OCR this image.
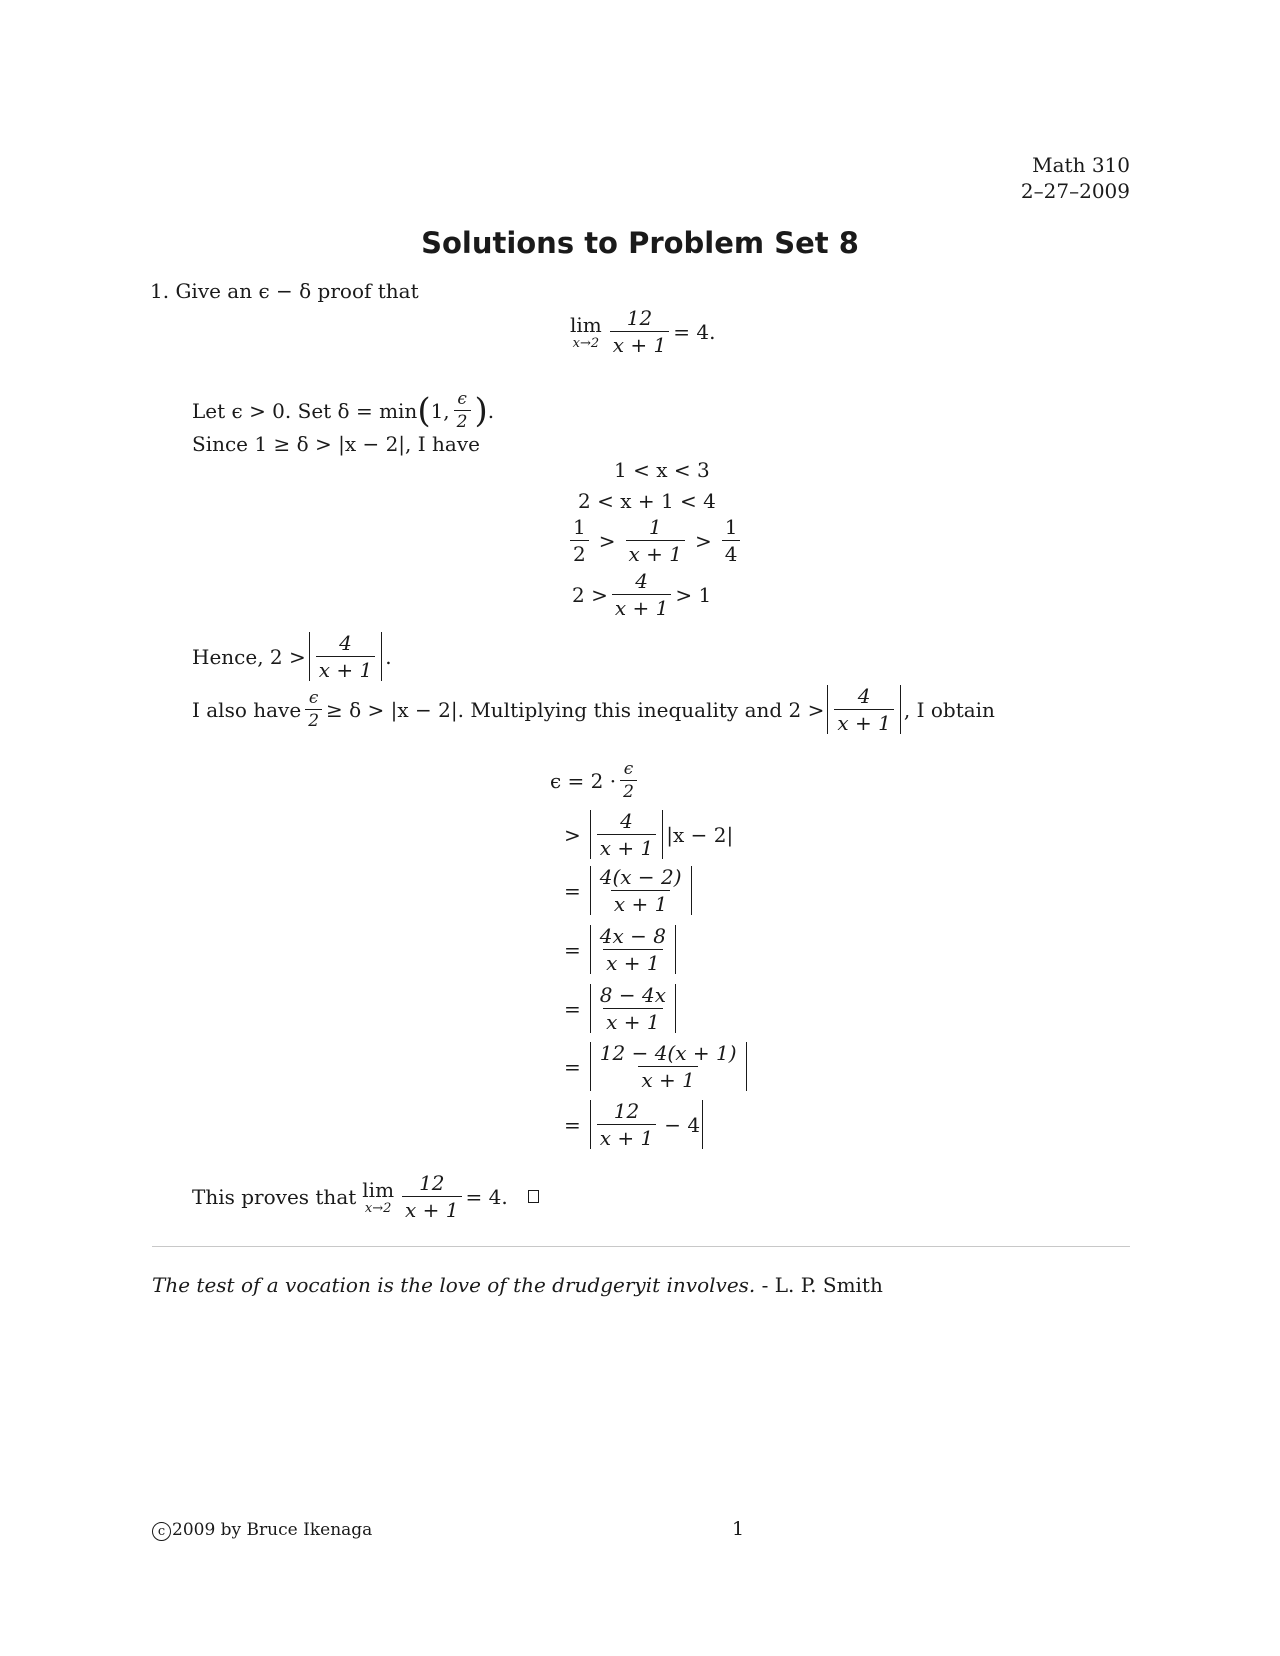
Math 310
2–27–2009
Solutions to Problem Set 8
1. Give an ϵ − δ proof that
lim
$x\to 2 \frac{12}{x + 1} = 4$.
Let ϵ > 0. Set δ = min ( 1, $\frac{\epsilon}{2}$ ) .
Since 1 ≥ δ > |x − 2|, I have
1 < x < 3
2 < x + 1 < 4
$\frac{1}{2} > \frac{1}{x + 1} > \frac{1}{4}$
$2 > \frac{4}{x + 1} > 1$
Hence, $2 > \frac{4}{x + 1}$ .
I also have $\frac{\epsilon}{2} \ge \delta > |x - 2|$. Multiplying this inequality and $2 > \frac{4}{x + 1}$ , I obtain
$\epsilon = 2 \cdot \frac{\epsilon}{2}$
> $\frac{4}{x + 1} |x - 2|$
= $\frac{4(x - 2)}{x + 1}$
= $\frac{4x - 8}{x + 1}$
= $\frac{8 - 4x}{x + 1}$
= $\frac{12 - 4(x + 1)}{x + 1}$
= $\frac{12}{x + 1} - 4$
This proves that lim
$x\to 2 \frac{12}{x + 1} = 4$.
The test of a vocation is the love of the drudgeryit involves. - L. P. Smith
c 2009 by Bruce Ikenaga	1
